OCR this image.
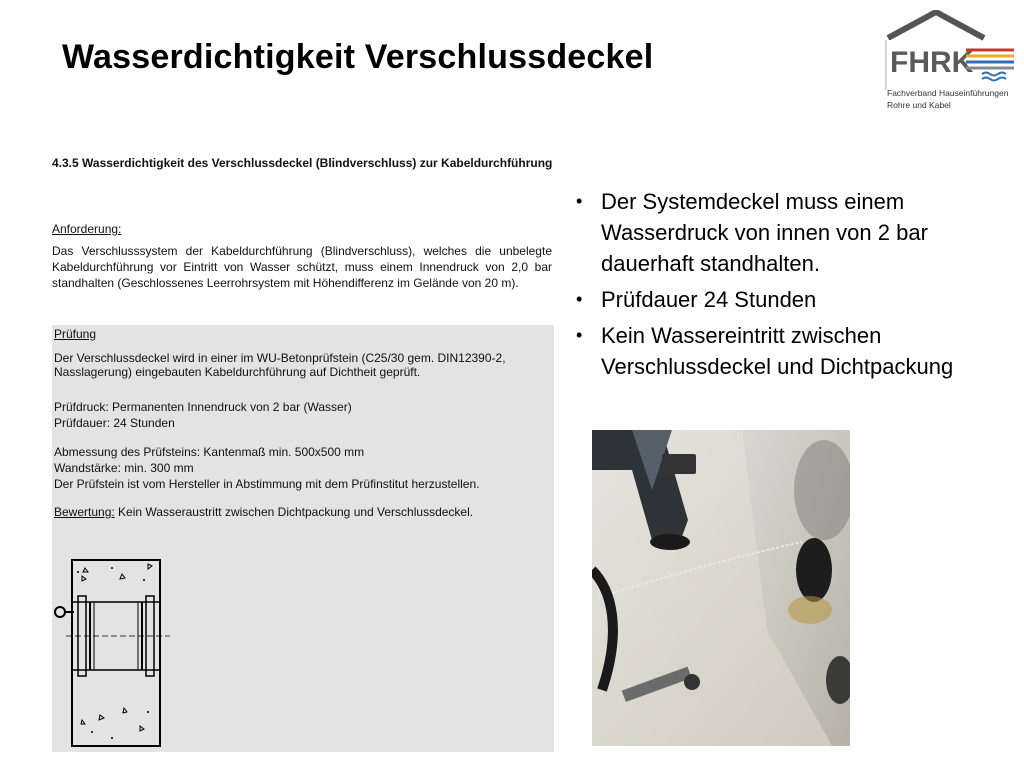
Wasserdichtigkeit Verschlussdeckel	FHRK
Fachverband Hauseinführungen
Rohre und Kabel
4.3.5 Wasserdichtigkeit des Verschlussdeckel (Blindverschluss) zur Kabeldurchführung
Anforderung:
Das Verschlusssystem der Kabeldurchführung (Blindverschluss), welches die unbelegte Kabeldurchführung vor Eintritt von Wasser schützt, muss einem Innendruck von 2,0 bar standhalten (Geschlossenes Leerrohrsystem mit Höhendifferenz im Gelände von 20 m).
Prüfung
Der Verschlussdeckel wird in einer im WU-Betonprüfstein (C25/30 gem. DIN12390-2, Nasslagerung) eingebauten Kabeldurchführung auf Dichtheit geprüft.
Prüfdruck: Permanenten Innendruck von 2 bar (Wasser)
Prüfdauer: 24 Stunden
Abmessung des Prüfsteins: Kantenmaß min. 500x500 mm
Wandstärke: min. 300 mm
Der Prüfstein ist vom Hersteller in Abstimmung mit dem Prüfinstitut herzustellen.
Bewertung: Kein Wasseraustritt zwischen Dichtpackung und Verschlussdeckel.
• Der Systemdeckel muss einem Wasserdruck von innen von 2 bar dauerhaft standhalten.
• Prüfdauer 24 Stunden
• Kein Wassereintritt zwischen Verschlussdeckel und Dichtpackung
